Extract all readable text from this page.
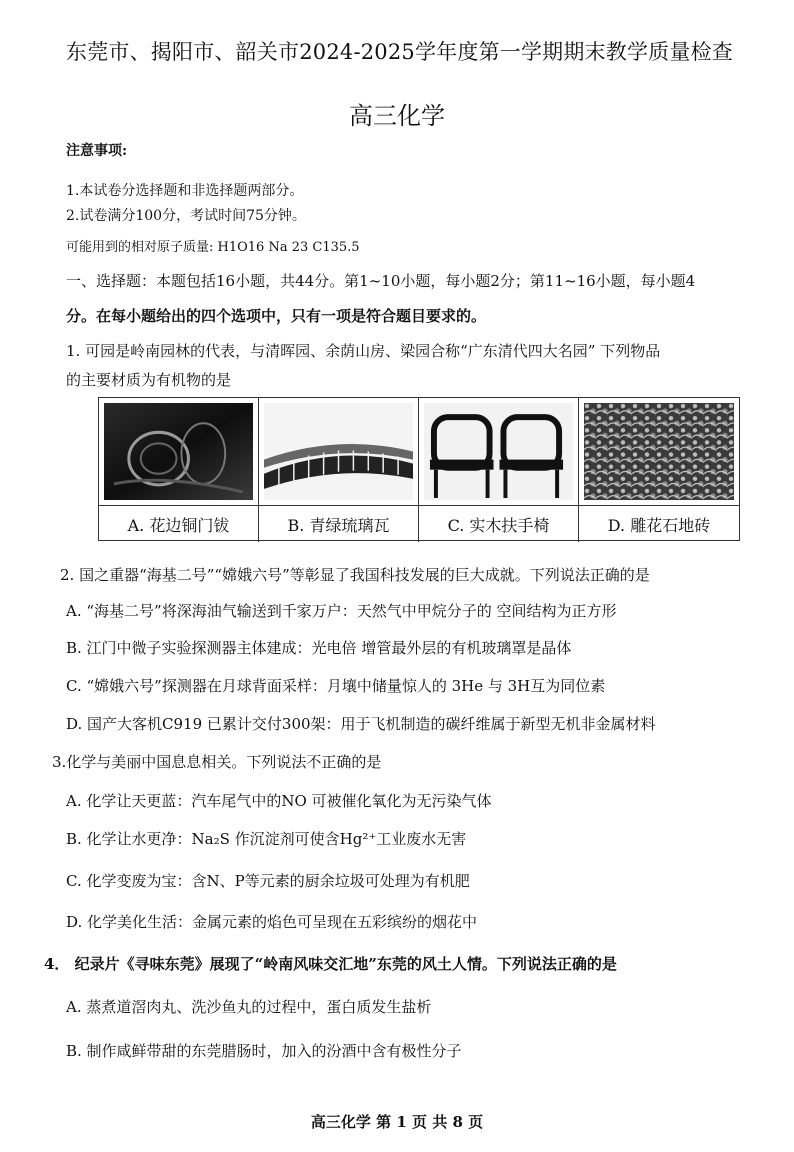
东莞市、揭阳市、韶关市2024-2025学年度第一学期期末教学质量检查
高三化学
注意事项:
1.本试卷分选择题和非选择题两部分。
2.试卷满分100分，考试时间75分钟。
可能用到的相对原子质量: H1O16 Na 23 C135.5
一、选择题：本题包括16小题，共44分。第1~10小题，每小题2分；第11~16小题，每小题4
分。在每小题给出的四个选项中，只有一项是符合题目要求的。
1. 可园是岭南园林的代表，与清晖园、余荫山房、梁园合称“广东清代四大名园” 下列物品
的主要材质为有机物的是
A. 花边铜门钹	B. 青绿琉璃瓦	C. 实木扶手椅	D. 雕花石地砖
2. 国之重器“海基二号”“嫦娥六号”等彰显了我国科技发展的巨大成就。下列说法正确的是
A. “海基二号”将深海油气输送到千家万户：天然气中甲烷分子的 空间结构为正方形
B. 江门中微子实验探测器主体建成：光电倍 增管最外层的有机玻璃罩是晶体
C. “嫦娥六号”探测器在月球背面采样：月壤中储量惊人的 3He 与 3H互为同位素
D. 国产大客机C919 已累计交付300架：用于飞机制造的碳纤维属于新型无机非金属材料
3.化学与美丽中国息息相关。下列说法不正确的是
A. 化学让天更蓝：汽车尾气中的NO 可被催化氧化为无污染气体
B. 化学让水更净：Na₂S 作沉淀剂可使含Hg²⁺工业废水无害
C. 化学变废为宝：含N、P等元素的厨余垃圾可处理为有机肥
D. 化学美化生活：金属元素的焰色可呈现在五彩缤纷的烟花中
4． 纪录片《寻味东莞》展现了“岭南风味交汇地”东莞的风土人情。下列说法正确的是
A. 蒸煮道滘肉丸、洗沙鱼丸的过程中，蛋白质发生盐析
B. 制作咸鲜带甜的东莞腊肠时，加入的汾酒中含有极性分子
高三化学 第 1 页 共 8 页
